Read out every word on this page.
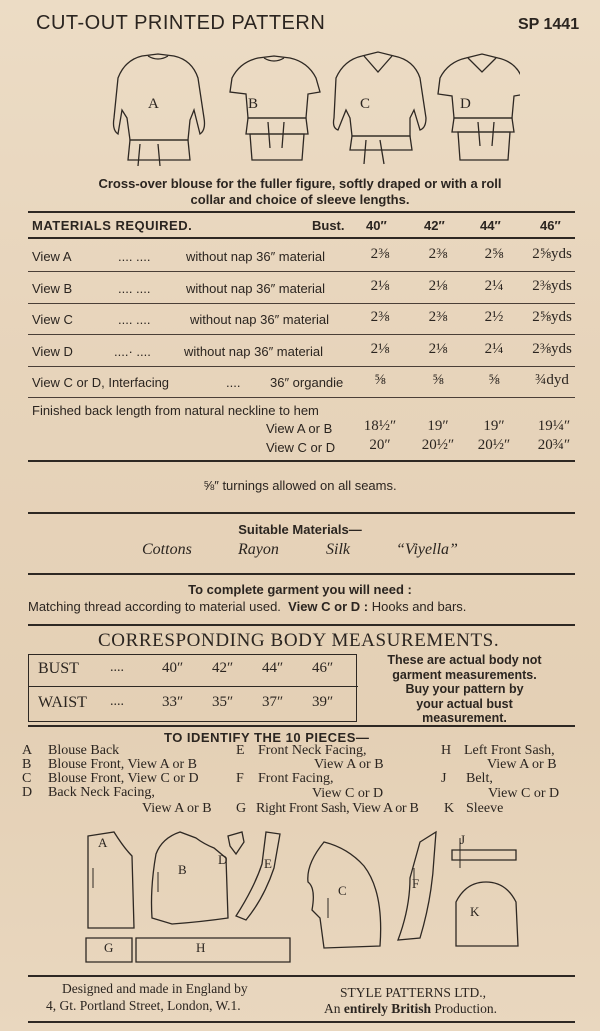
CUT-OUT PRINTED PATTERN	SP 1441
A	B	C	D
Cross-over blouse for the fuller figure, softly draped or with a roll
collar and choice of sleeve lengths.
MATERIALS REQUIRED.	Bust. 40″	42″	44″	46″
View A	.... ....	without nap 36″ material	2⅜	2⅜	2⅝	2⅝yds
View B	.... ....	without nap 36″ material	2⅛	2⅛	2¼	2⅜yds
View C	.... ....	without nap 36″ material	2⅜	2⅜	2½	2⅝yds
View D	....· ....	without nap 36″ material	2⅛	2⅛	2¼	2⅜yds
View C or D, Interfacing	.... 36″ organdie	⅝	⅝	⅝	¾dyd
Finished back length from natural neckline to hem
View A or B	18½″	19″	19″	19¼″
View C or D	20″	20½″	20½″	20¾″
⅝″ turnings allowed on all seams.
Suitable Materials—
Cottons	Rayon	Silk	“Viyella”
To complete garment you will need :
Matching thread according to material used. View C or D : Hooks and bars.
CORRESPONDING BODY MEASUREMENTS.
BUST ....	40″ 42″ 44″ 46″
WAIST ....	33″ 35″ 37″ 39″
These are actual body not
garment measurements.
Buy your pattern by
your actual bust
measurement.
TO IDENTIFY THE 10 PIECES—
A Blouse Back
B Blouse Front, View A or B
C Blouse Front, View C or D
D Back Neck Facing,
View A or B
E Front Neck Facing,
View A or B
F Front Facing,
View C or D
G Right Front Sash, View A or B
H Left Front Sash,
View A or B
J Belt,
View C or D
K Sleeve
A
B
D	E
C	F
J
K
G	H
Designed and made in England by
4, Gt. Portland Street, London, W.1.
STYLE PATTERNS LTD.,
An entirely British Production.
